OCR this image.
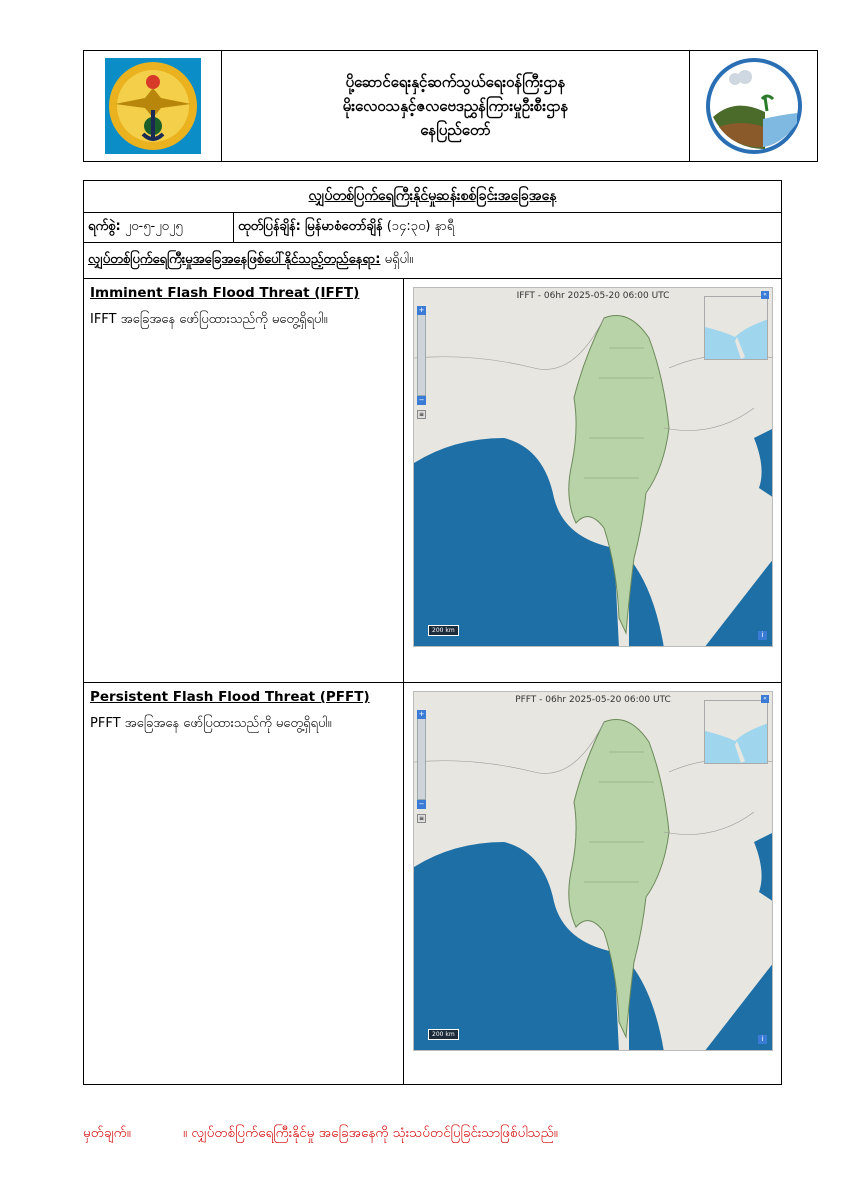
ပို့ဆောင်ရေးနှင့်ဆက်သွယ်ရေးဝန်ကြီးဌာန
မိုးလေဝသနှင့်ဇလဗေဒညွှန်ကြားမှုဦးစီးဌာန
နေပြည်တော်
လျှပ်တစ်ပြက်ရေကြီးနိုင်မှုဆန်းစစ်ခြင်းအခြေအနေ
ရက်စွဲ:
၂၀-၅-၂၀၂၅	ထုတ်ပြန်ချိန်:
မြန်မာစံတော်ချိန်
(၁၄:၃၀) နာရီ
လျှပ်တစ်ပြက်ရေကြီးမှုအခြေအနေဖြစ်ပေါ်နိုင်သည့်တည်နေရာ:
မရှိပါ။
Imminent Flash Flood Threat (IFFT)
IFFT အခြေအနေ ဖော်ပြထားသည်ကို မတွေ့ရှိရပါ။
IFFT - 06hr 2025-05-20 06:00 UTC
+
−
≡
«
200 km
i
Persistent Flash Flood Threat (PFFT)
PFFT အခြေအနေ ဖော်ပြထားသည်ကို မတွေ့ရှိရပါ။
PFFT - 06hr 2025-05-20 06:00 UTC
+
−
≡
«
200 km
i
မှတ်ချက်။	။ လျှပ်တစ်ပြက်ရေကြီးနိုင်မှု အခြေအနေကို သုံးသပ်တင်ပြခြင်းသာဖြစ်ပါသည်။
